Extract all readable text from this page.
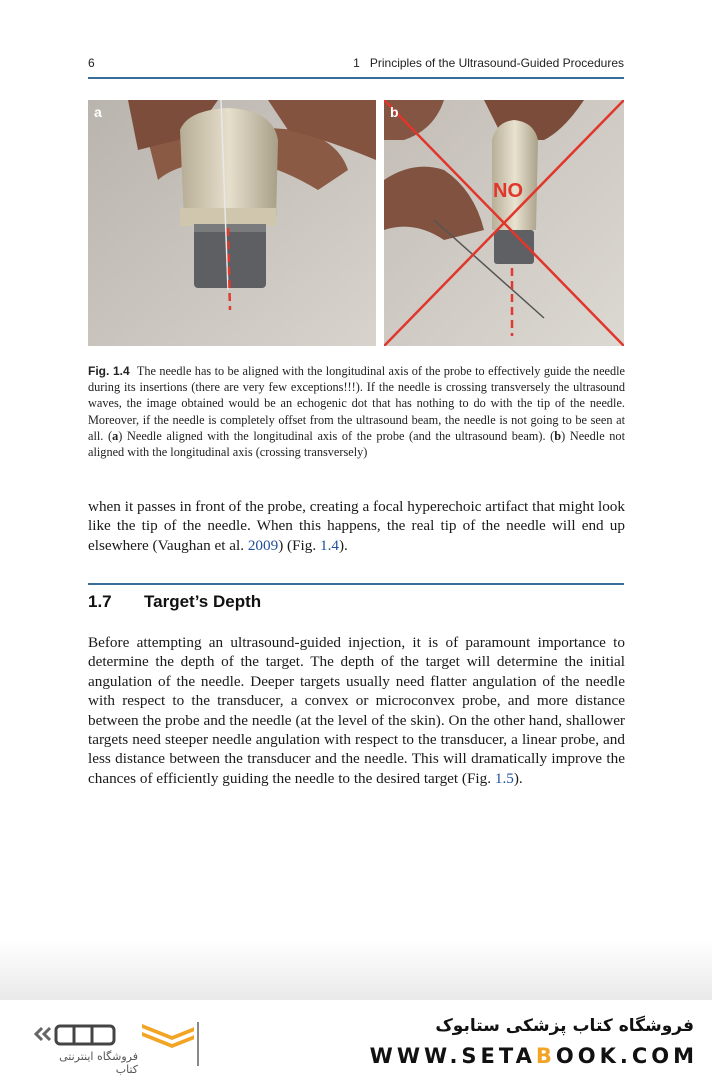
6	1 Principles of the Ultrasound-Guided Procedures
a
NO
b
Fig. 1.4 The needle has to be aligned with the longitudinal axis of the probe to effectively guide the needle during its insertions (there are very few exceptions!!!). If the needle is crossing transversely the ultrasound waves, the image obtained would be an echogenic dot that has nothing to do with the tip of the needle. Moreover, if the needle is completely offset from the ultrasound beam, the needle is not going to be seen at all. (a) Needle aligned with the longitudinal axis of the probe (and the ultrasound beam). (b) Needle not aligned with the longitudinal axis (crossing transversely)
when it passes in front of the probe, creating a focal hyperechoic artifact that might look like the tip of the needle. When this happens, the real tip of the needle will end up elsewhere (Vaughan et al. 2009) (Fig. 1.4).
1.7 Target’s Depth
Before attempting an ultrasound-guided injection, it is of paramount importance to determine the depth of the target. The depth of the target will determine the initial angulation of the needle. Deeper targets usually need flatter angulation of the needle with respect to the transducer, a convex or microconvex probe, and more distance between the probe and the needle (at the level of the skin). On the other hand, shallower targets need steeper needle angulation with respect to the transducer, a linear probe, and less distance between the transducer and the needle. This will dramatically improve the chances of efficiently guiding the needle to the desired target (Fig. 1.5).
فروشگاه اینترنتی کتاب
فروشگاه کتاب پزشکی ستابوک
WWW.SETABOOK.COM
